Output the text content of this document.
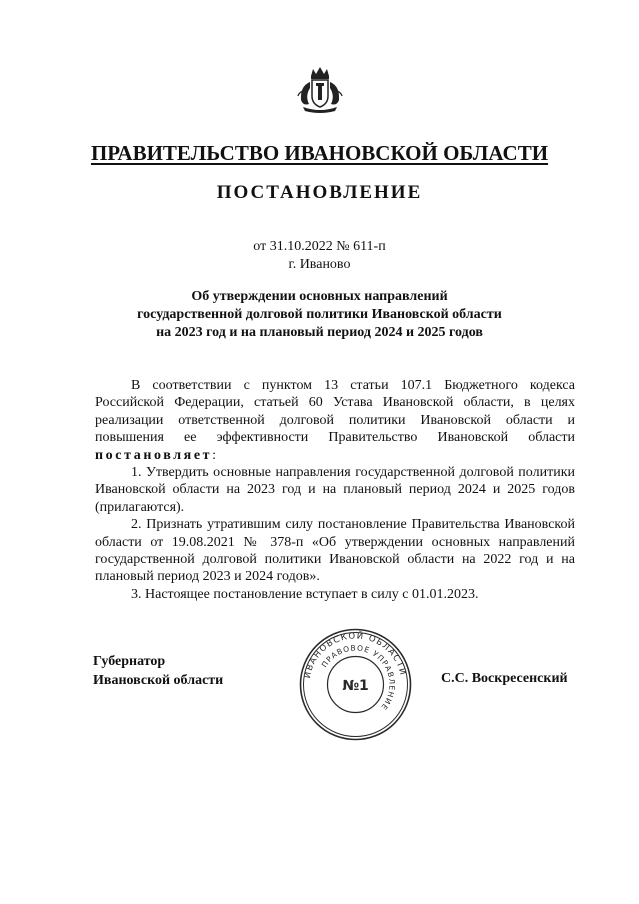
ПРАВИТЕЛЬСТВО ИВАНОВСКОЙ ОБЛАСТИ
ПОСТАНОВЛЕНИЕ
от 31.10.2022 № 611-п
г. Иваново
Об утверждении основных направлений
государственной долговой политики Ивановской области
на 2023 год и на плановый период 2024 и 2025 годов

В соответствии с пунктом 13 статьи 107.1 Бюджетного кодекса Российской Федерации, статьей 60 Устава Ивановской области, в целях реализации ответственной долговой политики Ивановской области и повышения ее эффективности Правительство Ивановской области постановляет:

1. Утвердить основные направления государственной долговой политики Ивановской области на 2023 год и на плановый период 2024 и 2025 годов (прилагаются).

2. Признать утратившим силу постановление Правительства Ивановской области от 19.08.2021 № 378-п «Об утверждении основных направлений государственной долговой политики Ивановской области на 2022 год и на плановый период 2023 и 2024 годов».

3. Настоящее постановление вступает в силу с 01.01.2023.

Губернатор
Ивановской области	ИВАНОВСКОЙ ОБЛАСТИ
ПРАВОВОЕ УПРАВЛЕНИЕ
№1	С.С. Воскресенский
